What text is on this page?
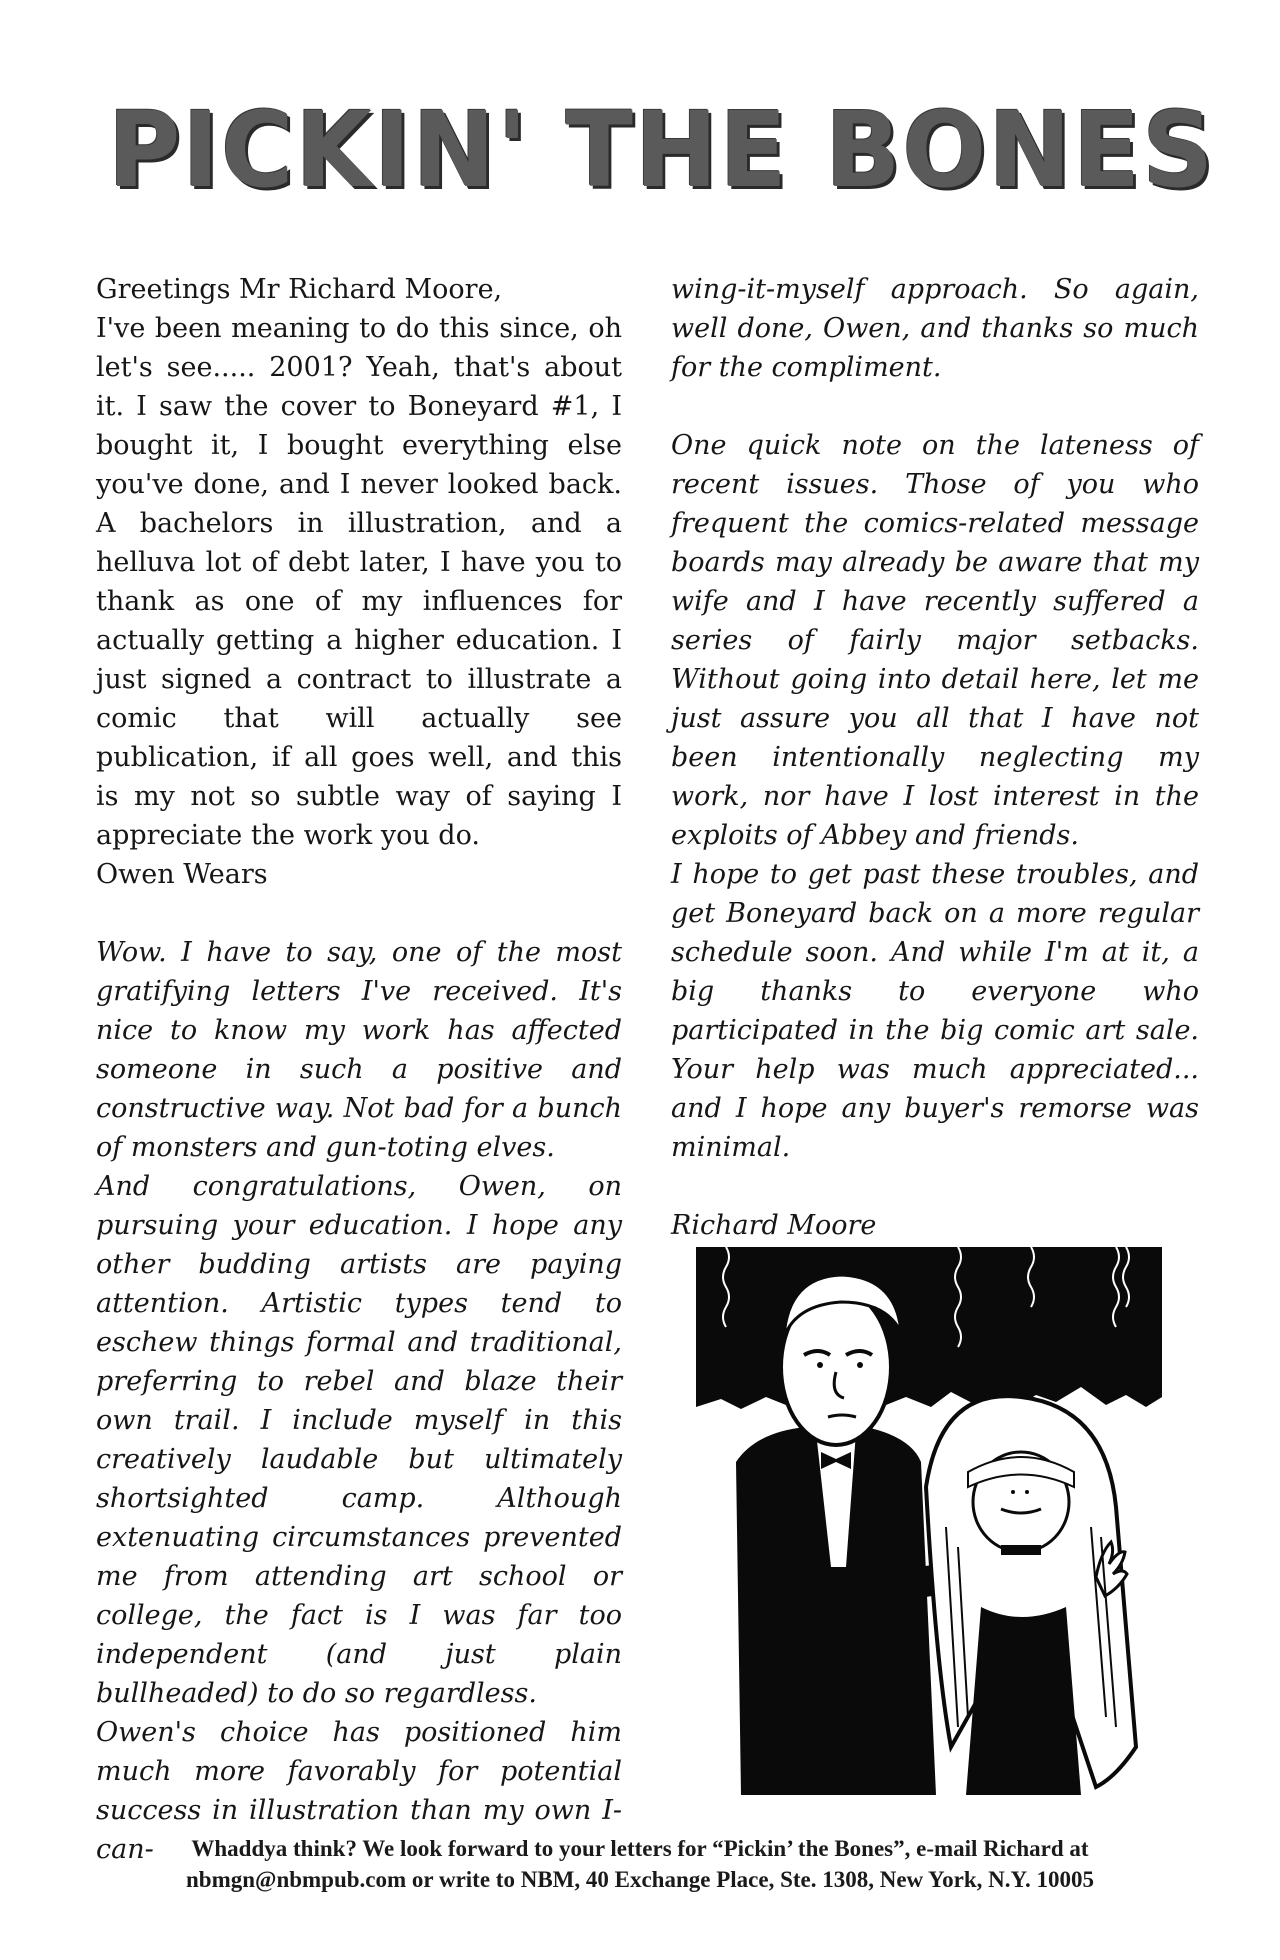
PICKIN' THE BONES

Greetings Mr Richard Moore,

I've been meaning to do this since, oh let's see..... 2001? Yeah, that's about it. I saw the cover to Boneyard #1, I bought it, I bought everything else you've done, and I never looked back. A bachelors in illustration, and a helluva lot of debt later, I have you to thank as one of my influences for actually getting a higher education. I just signed a contract to illustrate a comic that will actually see publication, if all goes well, and this is my not so subtle way of saying I appreciate the work you do.

Owen Wears

Wow. I have to say, one of the most gratifying letters I've received. It's nice to know my work has affected someone in such a positive and constructive way. Not bad for a bunch of monsters and gun-toting elves.

And congratulations, Owen, on pursuing your education. I hope any other budding artists are paying attention. Artistic types tend to eschew things formal and traditional, preferring to rebel and blaze their own trail. I include myself in this creatively laudable but ultimately shortsighted camp. Although extenuating circumstances prevented me from attending art school or college, the fact is I was far too independent (and just plain bullheaded) to do so regardless.

Owen's choice has positioned him much more favorably for potential success in illustration than my own I-can-

wing-it-myself approach. So again, well done, Owen, and thanks so much for the compliment.

One quick note on the lateness of recent issues. Those of you who frequent the comics-related message boards may already be aware that my wife and I have recently suffered a series of fairly major setbacks. Without going into detail here, let me just assure you all that I have not been intentionally neglecting my work, nor have I lost interest in the exploits of Abbey and friends.

I hope to get past these troubles, and get Boneyard back on a more regular schedule soon. And while I'm at it, a big thanks to everyone who participated in the big comic art sale. Your help was much appreciated... and I hope any buyer's remorse was minimal.

Richard Moore

Whaddya think? We look forward to your letters for “Pickin’ the Bones”, e-mail Richard at

nbmgn@nbmpub.com or write to NBM, 40 Exchange Place, Ste. 1308, New York, N.Y. 10005
